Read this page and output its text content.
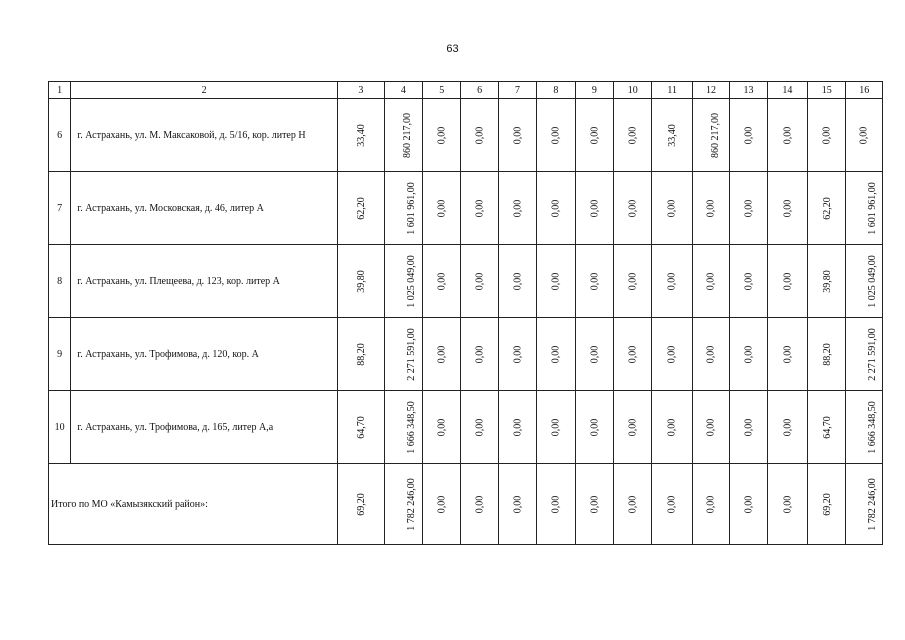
63
1	2	3	4	5	6	7	8	9	10	11	12	13	14	15	16
6	г. Астрахань, ул. М. Максаковой, д. 5/16, кор. литер Н	33,40	860 217,00	0,00	0,00	0,00	0,00	0,00	0,00	33,40	860 217,00	0,00	0,00	0,00	0,00
7	г. Астрахань, ул. Московская, д. 46, литер А	62,20	1 601 961,00	0,00	0,00	0,00	0,00	0,00	0,00	0,00	0,00	0,00	0,00	62,20	1 601 961,00
8	г. Астрахань, ул. Плещеева, д. 123, кор. литер А	39,80	1 025 049,00	0,00	0,00	0,00	0,00	0,00	0,00	0,00	0,00	0,00	0,00	39,80	1 025 049,00
9	г. Астрахань, ул. Трофимова, д. 120, кор. А	88,20	2 271 591,00	0,00	0,00	0,00	0,00	0,00	0,00	0,00	0,00	0,00	0,00	88,20	2 271 591,00
10	г. Астрахань, ул. Трофимова, д. 165, литер А,а	64,70	1 666 348,50	0,00	0,00	0,00	0,00	0,00	0,00	0,00	0,00	0,00	0,00	64,70	1 666 348,50
Итого по МО «Камызякский район»:		69,20	1 782 246,00	0,00	0,00	0,00	0,00	0,00	0,00	0,00	0,00	0,00	0,00	69,20	1 782 246,00
